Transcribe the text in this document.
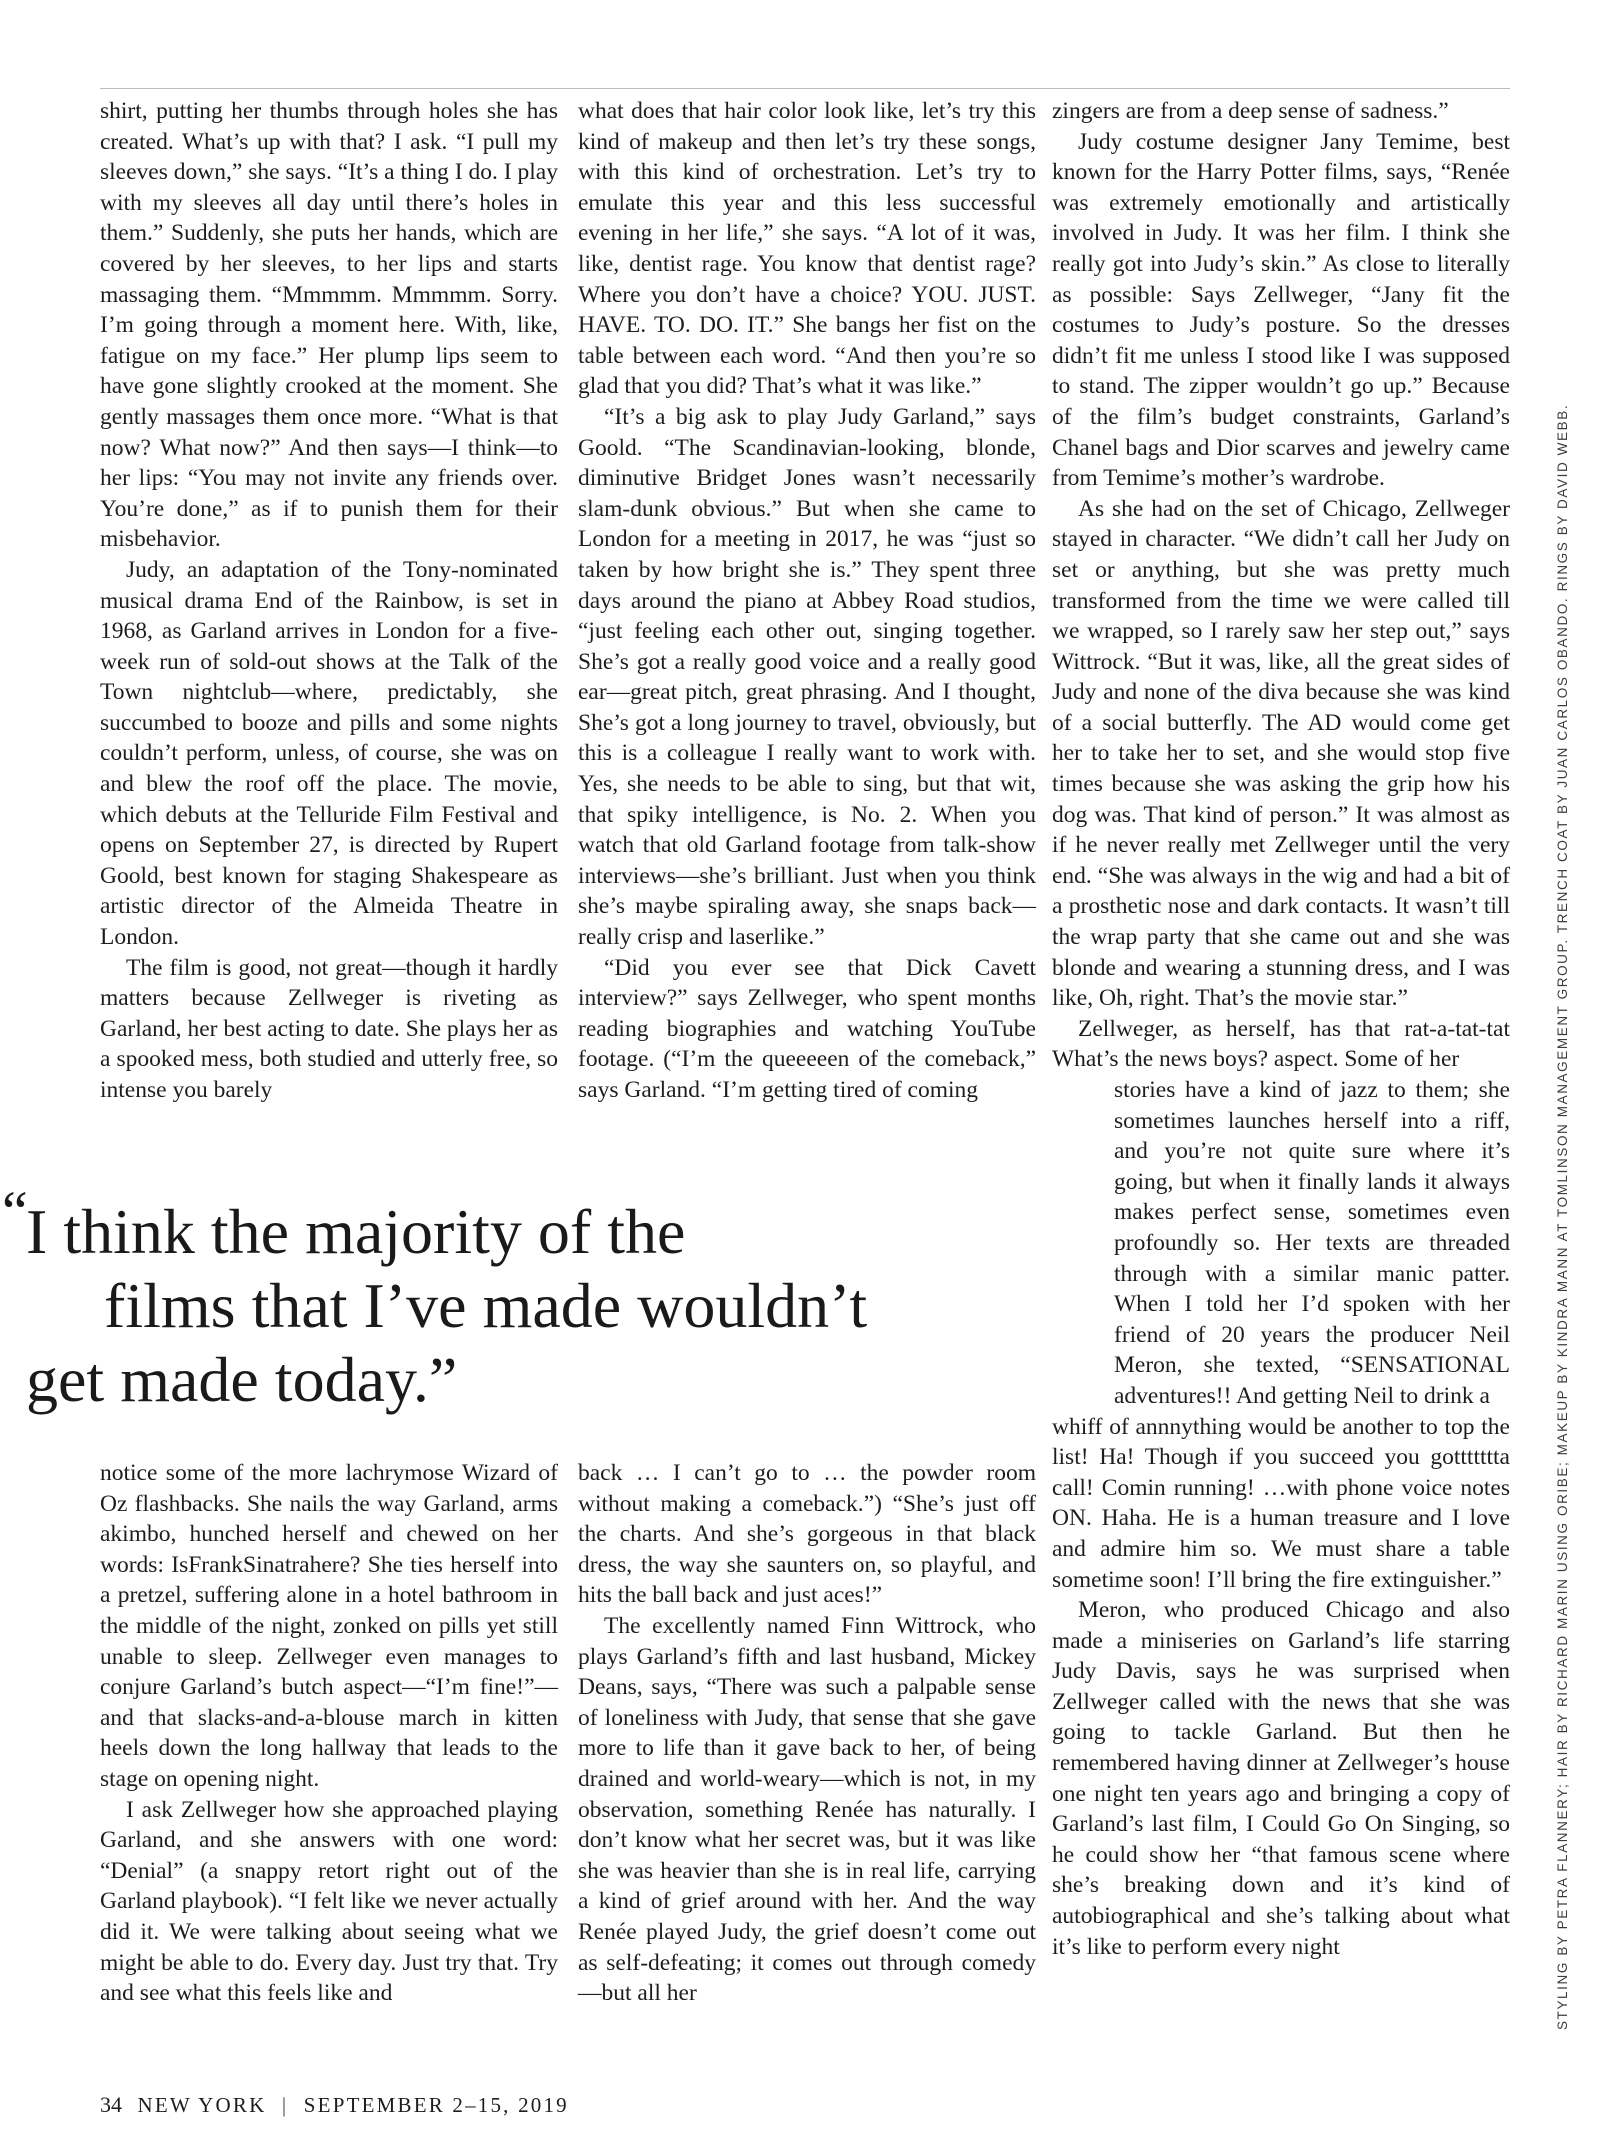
shirt, putting her thumbs through holes she has created. What’s up with that? I ask. “I pull my sleeves down,” she says. “It’s a thing I do. I play with my sleeves all day until there’s holes in them.” Suddenly, she puts her hands, which are covered by her sleeves, to her lips and starts massaging them. “Mmmmm. Mmmmm. Sorry. I’m going through a moment here. With, like, fatigue on my face.” Her plump lips seem to have gone slightly crooked at the moment. She gently massages them once more. “What is that now? What now?” And then says—I think—to her lips: “You may not invite any friends over. You’re done,” as if to punish them for their misbehavior.

Judy, an adaptation of the Tony-nominated musical drama End of the Rainbow, is set in 1968, as Garland arrives in London for a five-week run of sold-out shows at the Talk of the Town nightclub—where, predictably, she succumbed to booze and pills and some nights couldn’t perform, unless, of course, she was on and blew the roof off the place. The movie, which debuts at the Telluride Film Festival and opens on September 27, is directed by Rupert Goold, best known for staging Shakespeare as artistic director of the Almeida Theatre in London.

The film is good, not great—though it hardly matters because Zellweger is riveting as Garland, her best acting to date. She plays her as a spooked mess, both studied and utterly free, so intense you barely

what does that hair color look like, let’s try this kind of makeup and then let’s try these songs, with this kind of orchestration. Let’s try to emulate this year and this less successful evening in her life,” she says. “A lot of it was, like, dentist rage. You know that dentist rage? Where you don’t have a choice? YOU. JUST. HAVE. TO. DO. IT.” She bangs her fist on the table between each word. “And then you’re so glad that you did? That’s what it was like.”

“It’s a big ask to play Judy Garland,” says Goold. “The Scandinavian-looking, blonde, diminutive Bridget Jones wasn’t necessarily slam-dunk obvious.” But when she came to London for a meeting in 2017, he was “just so taken by how bright she is.” They spent three days around the piano at Abbey Road studios, “just feeling each other out, singing together. She’s got a really good voice and a really good ear—great pitch, great phrasing. And I thought, She’s got a long journey to travel, obviously, but this is a colleague I really want to work with. Yes, she needs to be able to sing, but that wit, that spiky intelligence, is No. 2. When you watch that old Garland footage from talk-show interviews—she’s brilliant. Just when you think she’s maybe spiraling away, she snaps back—really crisp and laserlike.”

“Did you ever see that Dick Cavett interview?” says Zellweger, who spent months reading biographies and watching YouTube footage. (“I’m the queeeeen of the comeback,” says Garland. “I’m getting tired of coming

zingers are from a deep sense of sadness.”

Judy costume designer Jany Temime, best known for the Harry Potter films, says, “Renée was extremely emotionally and artistically involved in Judy. It was her film. I think she really got into Judy’s skin.” As close to literally as possible: Says Zellweger, “Jany fit the costumes to Judy’s posture. So the dresses didn’t fit me unless I stood like I was supposed to stand. The zipper wouldn’t go up.” Because of the film’s budget constraints, Garland’s Chanel bags and Dior scarves and jewelry came from Temime’s mother’s wardrobe.

As she had on the set of Chicago, Zellweger stayed in character. “We didn’t call her Judy on set or anything, but she was pretty much transformed from the time we were called till we wrapped, so I rarely saw her step out,” says Wittrock. “But it was, like, all the great sides of Judy and none of the diva because she was kind of a social butterfly. The AD would come get her to take her to set, and she would stop five times because she was asking the grip how his dog was. That kind of person.” It was almost as if he never really met Zellweger until the very end. “She was always in the wig and had a bit of a prosthetic nose and dark contacts. It wasn’t till the wrap party that she came out and she was blonde and wearing a stunning dress, and I was like, Oh, right. That’s the movie star.”

Zellweger, as herself, has that rat-a-tat-tat What’s the news boys? aspect. Some of her

stories have a kind of jazz to them; she sometimes launches herself into a riff, and you’re not quite sure where it’s going, but when it finally lands it always makes perfect sense, sometimes even profoundly so. Her texts are threaded through with a similar manic patter. When I told her I’d spoken with her friend of 20 years the producer Neil Meron, she texted, “SENSATIONAL adventures!! And getting Neil to drink a

whiff of annnything would be another to top the list! Ha! Though if you succeed you gottttttta call! Comin running! …with phone voice notes ON. Haha. He is a human treasure and I love and admire him so. We must share a table sometime soon! I’ll bring the fire extinguisher.”

Meron, who produced Chicago and also made a miniseries on Garland’s life starring Judy Davis, says he was surprised when Zellweger called with the news that she was going to tackle Garland. But then he remembered having dinner at Zellweger’s house one night ten years ago and bringing a copy of Garland’s last film, I Could Go On Singing, so he could show her “that famous scene where she’s breaking down and it’s kind of autobiographical and she’s talking about what it’s like to perform every night

“
I think the majority of the
films that I’ve made wouldn’t
get made today.”

notice some of the more lachrymose Wizard of Oz flashbacks. She nails the way Garland, arms akimbo, hunched herself and chewed on her words: IsFrankSinatrahere? She ties herself into a pretzel, suffering alone in a hotel bathroom in the middle of the night, zonked on pills yet still unable to sleep. Zellweger even manages to conjure Garland’s butch aspect—“I’m fine!”—and that slacks-and-a-blouse march in kitten heels down the long hallway that leads to the stage on opening night.

I ask Zellweger how she approached playing Garland, and she answers with one word: “Denial” (a snappy retort right out of the Garland playbook). “I felt like we never actually did it. We were talking about seeing what we might be able to do. Every day. Just try that. Try and see what this feels like and

back … I can’t go to … the powder room without making a comeback.”) “She’s just off the charts. And she’s gorgeous in that black dress, the way she saunters on, so playful, and hits the ball back and just aces!”

The excellently named Finn Wittrock, who plays Garland’s fifth and last husband, Mickey Deans, says, “There was such a palpable sense of loneliness with Judy, that sense that she gave more to life than it gave back to her, of being drained and world-weary—which is not, in my observation, something Renée has naturally. I don’t know what her secret was, but it was like she was heavier than she is in real life, carrying a kind of grief around with her. And the way Renée played Judy, the grief doesn’t come out as self-defeating; it comes out through comedy—but all her

34 NEW YORK | SEPTEMBER 2–15, 2019
STYLING BY PETRA FLANNERY; HAIR BY RICHARD MARIN USING ORIBE; MAKEUP BY KINDRA MANN AT TOMLINSON MANAGEMENT GROUP. TRENCH COAT BY JUAN CARLOS OBANDO. RINGS BY DAVID WEBB.
